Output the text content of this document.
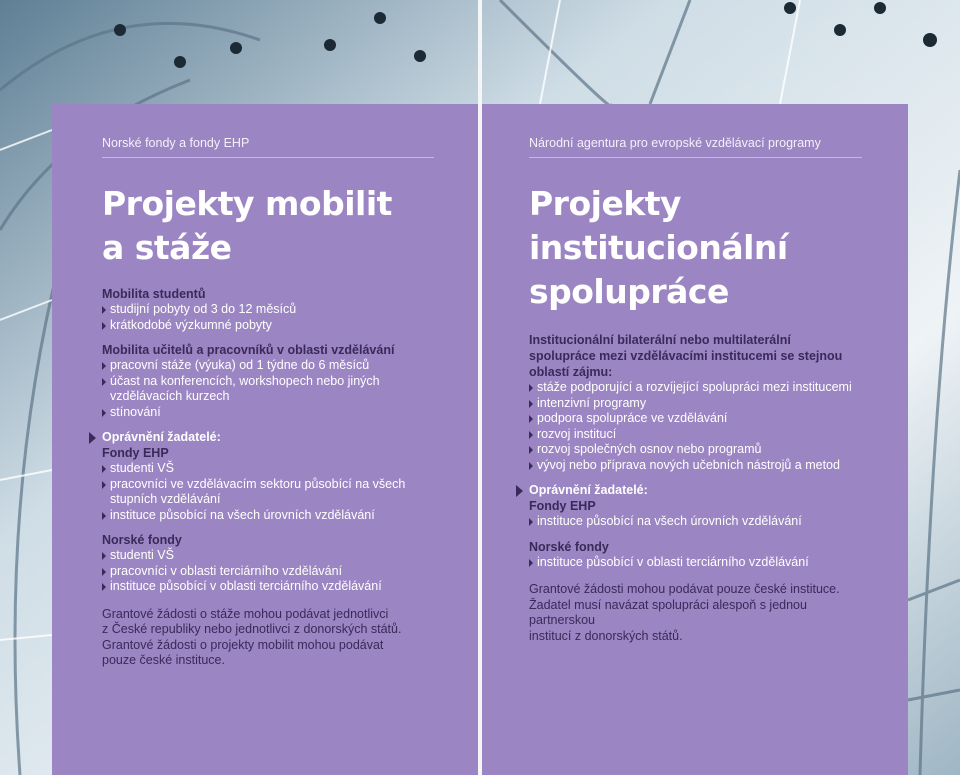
Norské fondy a fondy EHP
Projekty mobilit
a stáže
Mobilita studentů
studijní pobyty od 3 do 12 měsíců
krátkodobé výzkumné pobyty
Mobilita učitelů a pracovníků v oblasti vzdělávání
pracovní stáže (výuka) od 1 týdne do 6 měsíců
účast na konferencích, workshopech nebo jiných vzdělávacích kurzech
stínování
Oprávnění žadatelé:
Fondy EHP
studenti VŠ
pracovníci ve vzdělávacím sektoru působící na všech stupních vzdělávání
instituce působící na všech úrovních vzdělávání
Norské fondy
studenti VŠ
pracovníci v oblasti terciárního vzdělávání
instituce působící v oblasti terciárního vzdělávání
Grantové žádosti o stáže mohou podávat jednotlivci
z České republiky nebo jednotlivci z donorských států.
Grantové žádosti o projekty mobilit mohou podávat
pouze české instituce.
Národní agentura pro evropské vzdělávací programy
Projekty
institucionální
spolupráce
Institucionální bilaterální nebo multilaterální spolupráce mezi vzdělávacími institucemi se stejnou oblastí zájmu:
stáže podporující a rozvíjející spolupráci mezi institucemi
intenzivní programy
podpora spolupráce ve vzdělávání
rozvoj institucí
rozvoj společných osnov nebo programů
vývoj nebo příprava nových učebních nástrojů a metod
Oprávnění žadatelé:
Fondy EHP
instituce působící na všech úrovních vzdělávání
Norské fondy
instituce působící v oblasti terciárního vzdělávání
Grantové žádosti mohou podávat pouze české instituce.
Žadatel musí navázat spolupráci alespoň s jednou partnerskou
institucí z donorských států.
